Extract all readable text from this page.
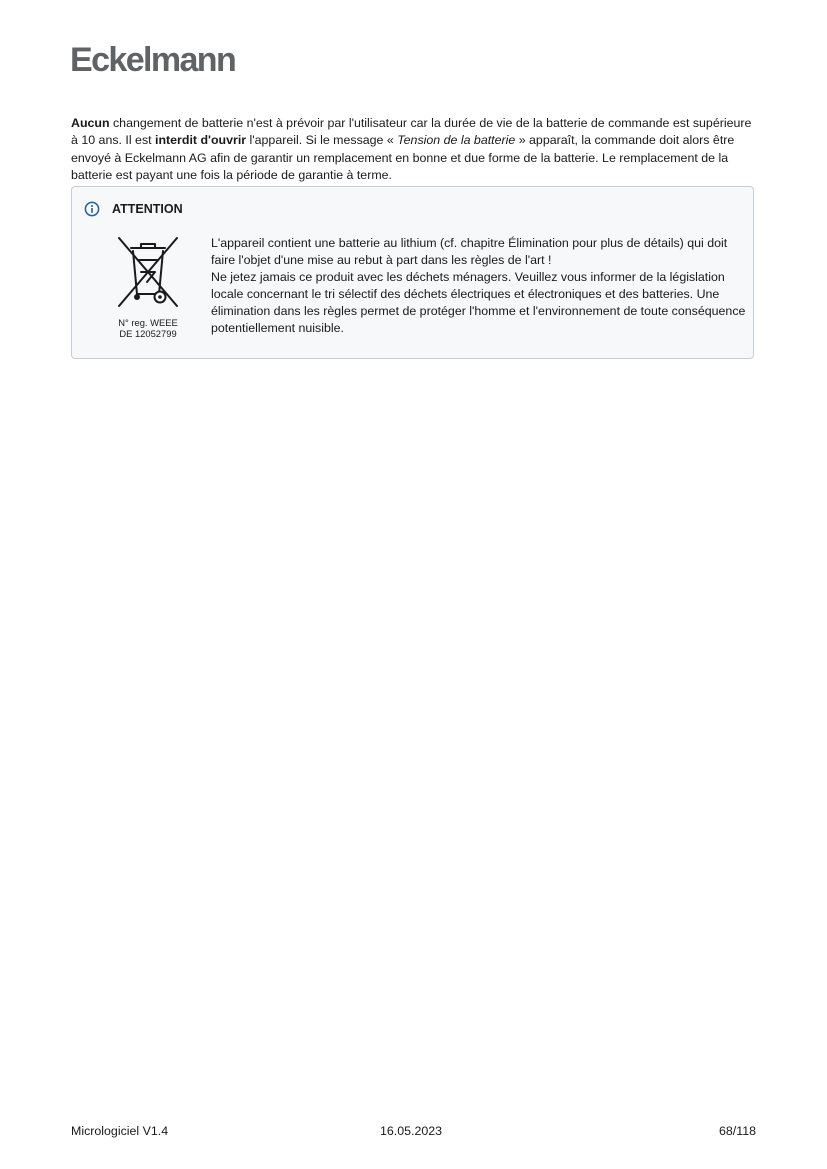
Eckelmann

Aucun changement de batterie n'est à prévoir par l'utilisateur car la durée de vie de la batterie de commande est supérieure à 10 ans. Il est interdit d'ouvrir l'appareil. Si le message « Tension de la batterie » apparaît, la commande doit alors être envoyé à Eckelmann AG afin de garantir un remplacement en bonne et due forme de la batterie. Le remplacement de la batterie est payant une fois la période de garantie à terme.

ATTENTION
N° reg. WEEE
DE 12052799
L'appareil contient une batterie au lithium (cf. chapitre Élimination pour plus de détails) qui doit faire l'objet d'une mise au rebut à part dans les règles de l'art !
Ne jetez jamais ce produit avec les déchets ménagers. Veuillez vous informer de la législation locale concernant le tri sélectif des déchets électriques et électroniques et des batteries. Une élimination dans les règles permet de protéger l'homme et l'environnement de toute conséquence potentiellement nuisible.
Micrologiciel V1.4	16.05.2023	68/118
